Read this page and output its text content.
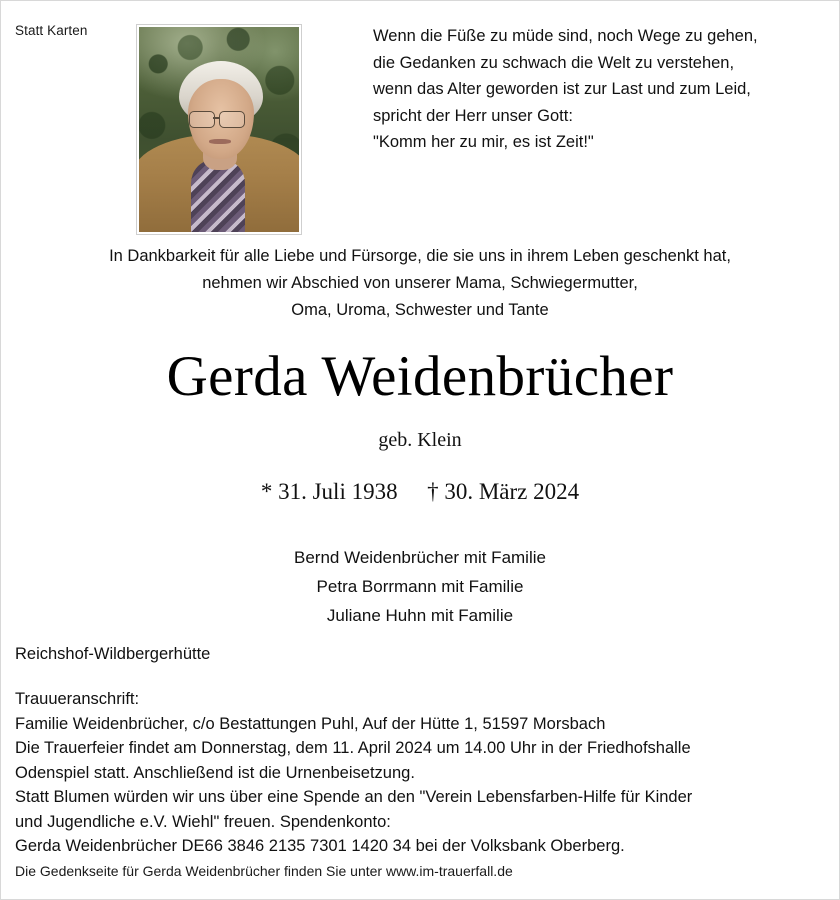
Statt Karten	Wenn die Füße zu müde sind, noch Wege zu gehen,
die Gedanken zu schwach die Welt zu verstehen,
wenn das Alter geworden ist zur Last und zum Leid,
spricht der Herr unser Gott:
"Komm her zu mir, es ist Zeit!"
In Dankbarkeit für alle Liebe und Fürsorge, die sie uns in ihrem Leben geschenkt hat,
nehmen wir Abschied von unserer Mama, Schwiegermutter,
Oma, Uroma, Schwester und Tante
Gerda Weidenbrücher
geb. Klein
* 31. Juli 1938 † 30. März 2024
Bernd Weidenbrücher mit Familie
Petra Borrmann mit Familie
Juliane Huhn mit Familie
Reichshof-Wildbergerhütte

Trauueranschrift:

Familie Weidenbrücher, c/o Bestattungen Puhl, Auf der Hütte 1, 51597 Morsbach

Die Trauerfeier findet am Donnerstag, dem 11. April 2024 um 14.00 Uhr in der Friedhofshalle

Odenspiel statt. Anschließend ist die Urnenbeisetzung.

Statt Blumen würden wir uns über eine Spende an den "Verein Lebensfarben-Hilfe für Kinder

und Jugendliche e.V. Wiehl" freuen. Spendenkonto:

Gerda Weidenbrücher DE66 3846 2135 7301 1420 34 bei der Volksbank Oberberg.

Die Gedenkseite für Gerda Weidenbrücher finden Sie unter www.im-trauerfall.de
